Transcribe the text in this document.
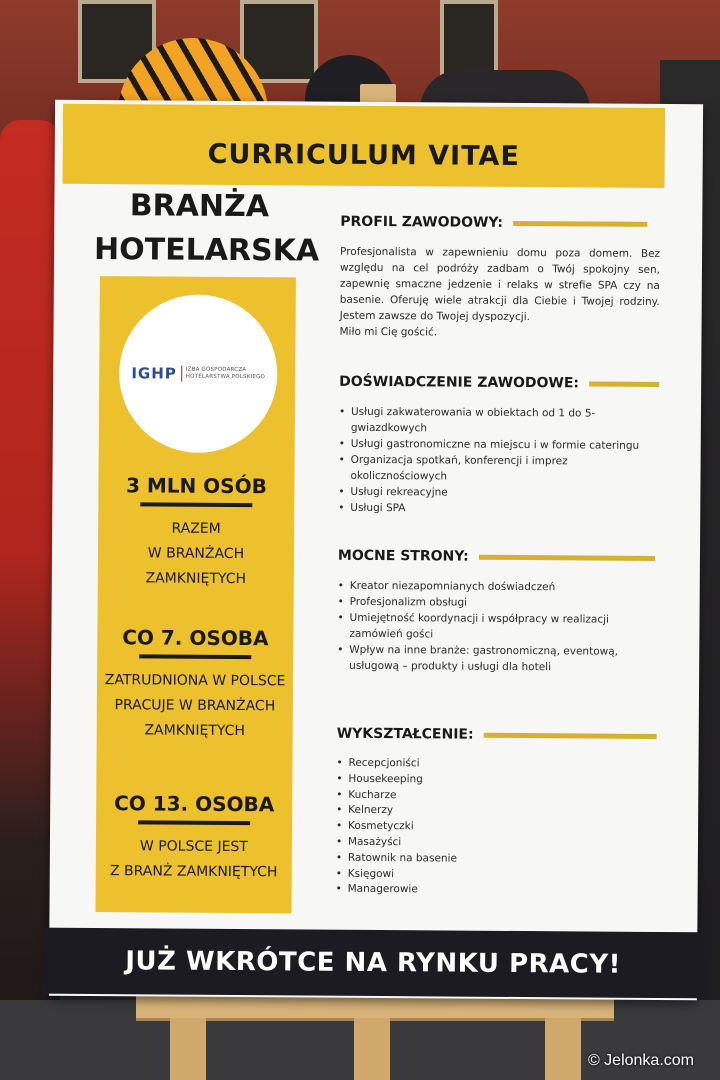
CURRICULUM VITAE
BRANŻA
HOTELARSKA
IGHP IZBA GOSPODARCZA
HOTELARSTWA POLSKIEGO
3 MLN OSÓB
RAZEM
W BRANŻACH
ZAMKNIĘTYCH
CO 7. OSOBA
ZATRUDNIONA W POLSCE
PRACUJE W BRANŻACH
ZAMKNIĘTYCH
CO 13. OSOBA
W POLSCE JEST
Z BRANŻ ZAMKNIĘTYCH
PROFIL ZAWODOWY:
Profesjonalista w zapewnieniu domu poza domem. Bez względu na cel podróży zadbam o Twój spokojny sen, zapewnię smaczne jedzenie i relaks w strefie SPA czy na basenie. Oferuję wiele atrakcji dla Ciebie i Twojej rodziny. Jestem zawsze do Twojej dyspozycji.
Miło mi Cię gościć.
DOŚWIADCZENIE ZAWODOWE:
• Usługi zakwaterowania w obiektach od 1 do 5-gwiazdkowych
• Usługi gastronomiczne na miejscu i w formie cateringu
• Organizacja spotkań, konferencji i imprez okolicznościowych
• Usługi rekreacyjne
• Usługi SPA
MOCNE STRONY:
• Kreator niezapomnianych doświadczeń
• Profesjonalizm obsługi
• Umiejętność koordynacji i współpracy w realizacji zamówień gości
• Wpływ na inne branże: gastronomiczną, eventową, usługową – produkty i usługi dla hoteli
WYKSZTAŁCENIE:
• Recepcjoniści
• Housekeeping
• Kucharze
• Kelnerzy
• Kosmetyczki
• Masażyści
• Ratownik na basenie
• Księgowi
• Managerowie
JUŻ WKRÓTCE NA RYNKU PRACY!
© Jelonka.com
